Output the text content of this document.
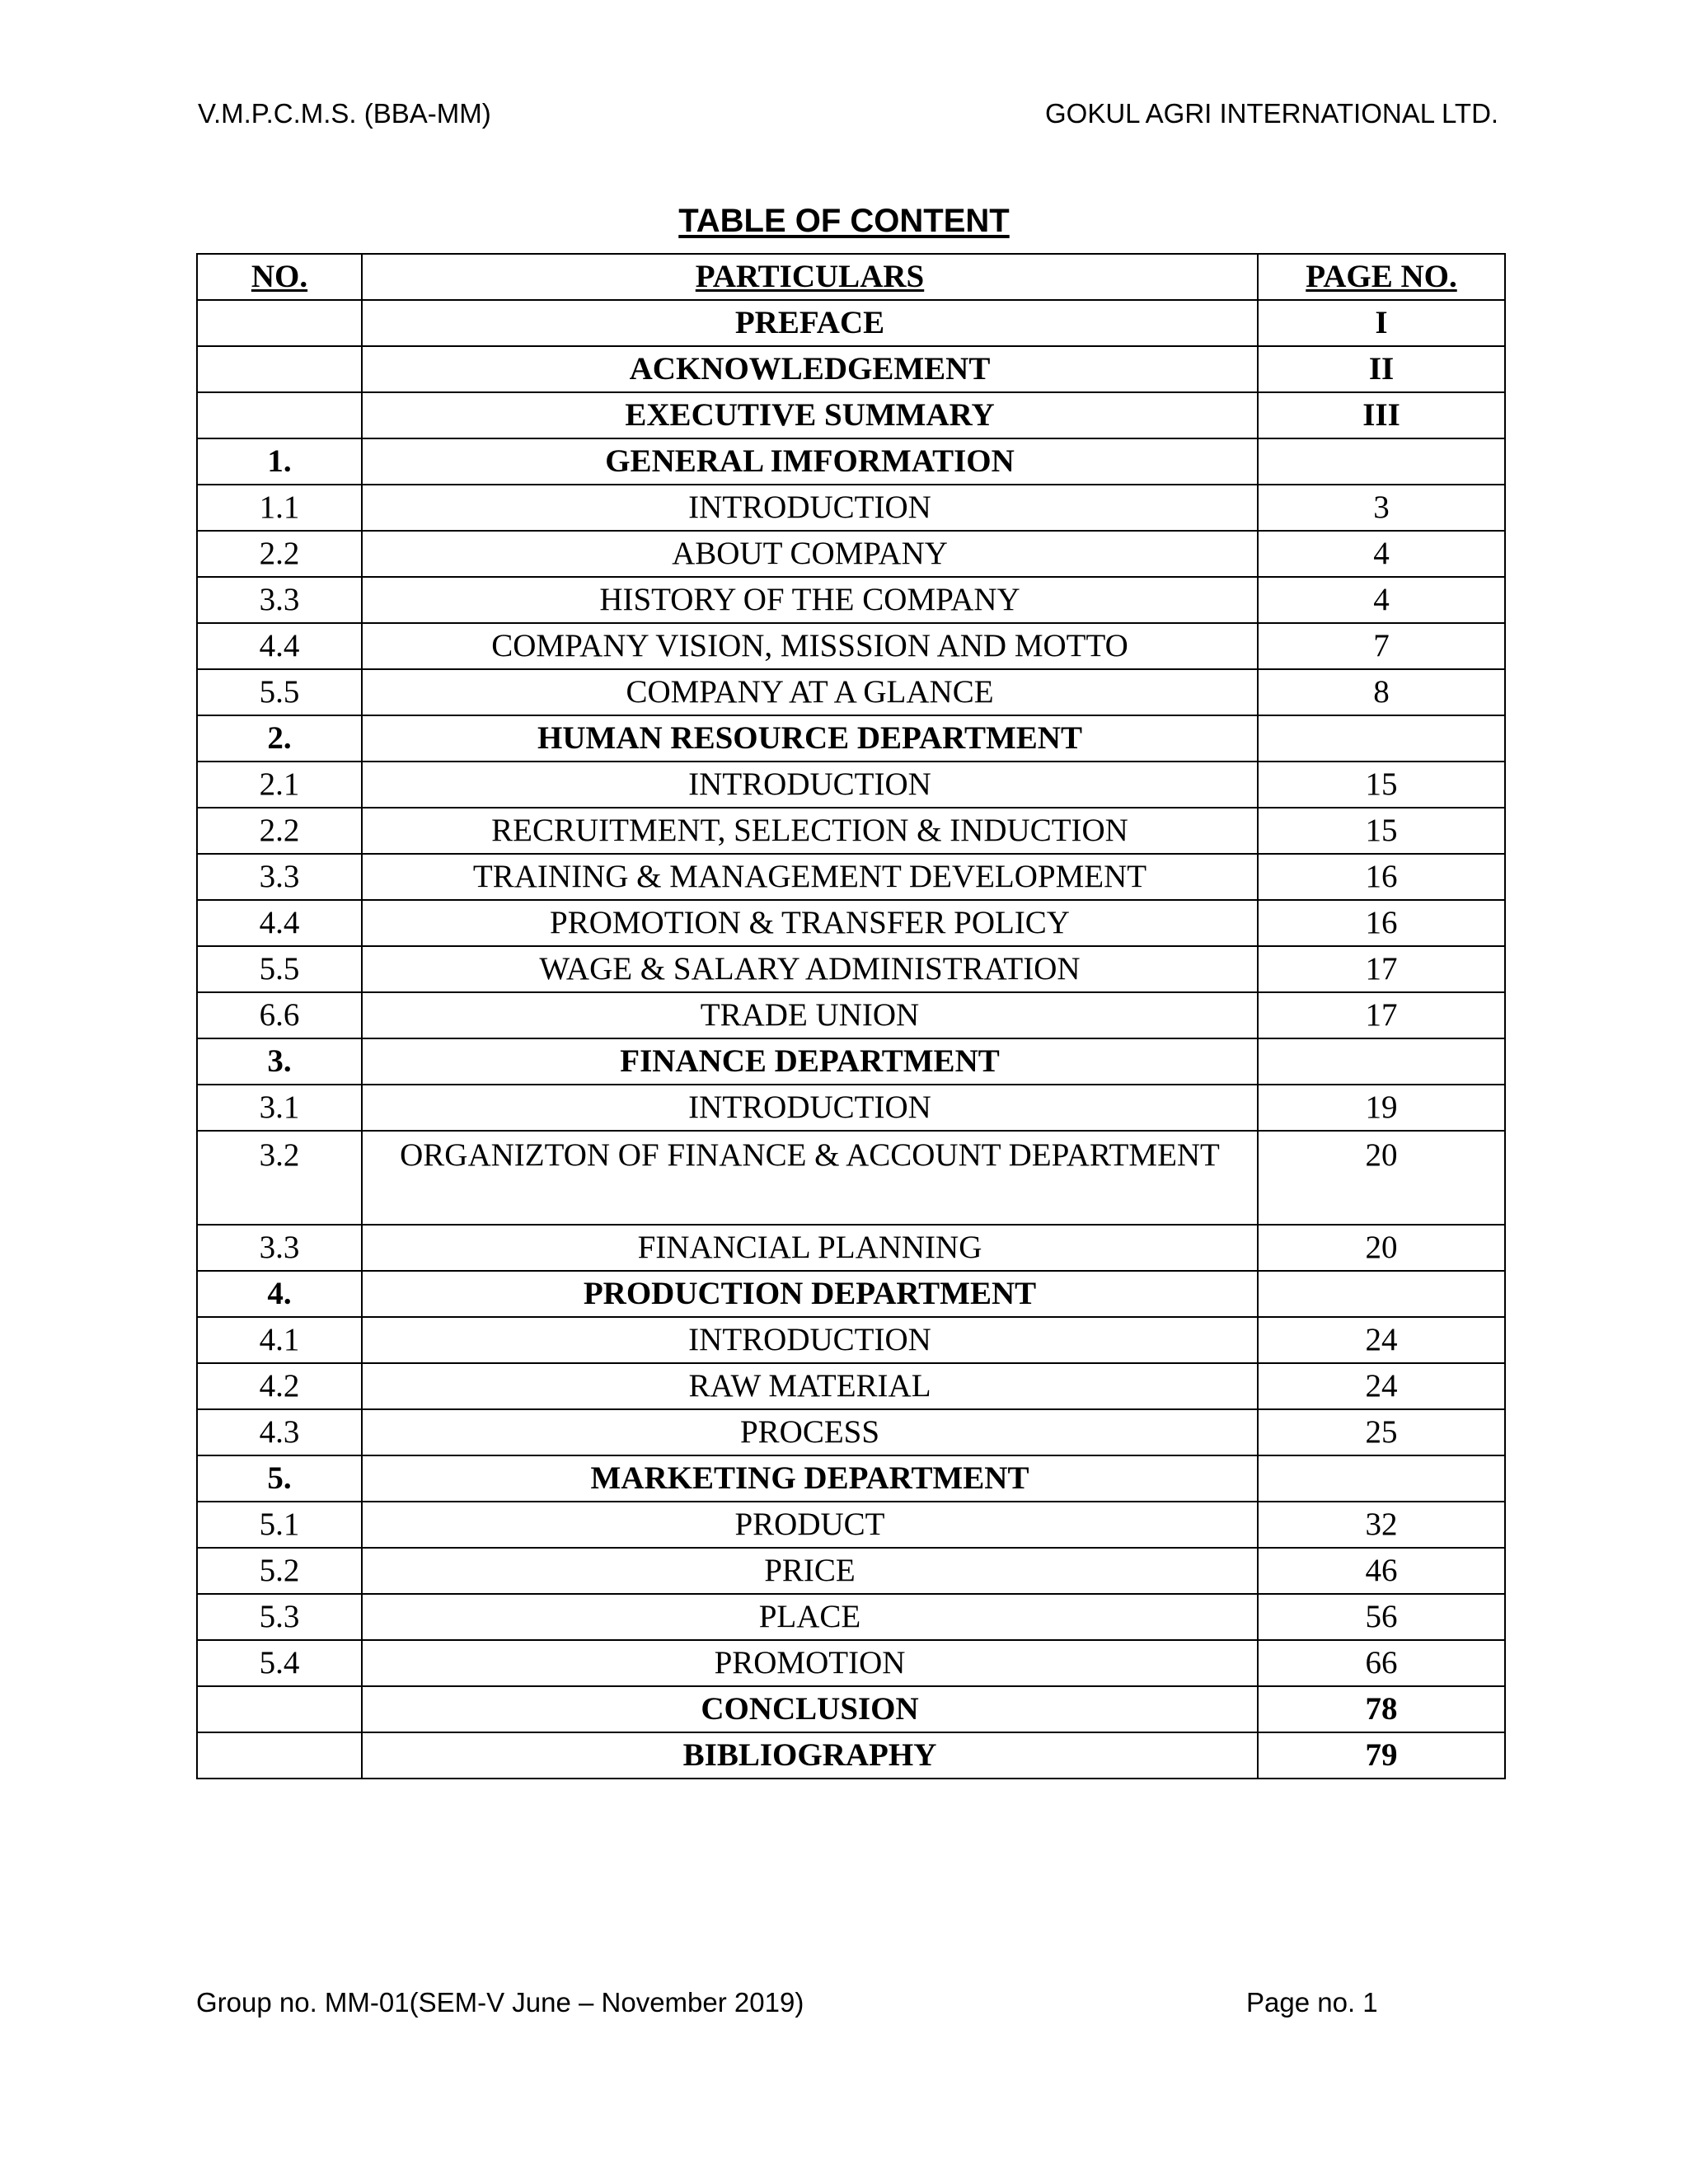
V.M.P.C.M.S. (BBA-MM)	GOKUL AGRI INTERNATIONAL LTD.
TABLE OF CONTENT
NO.	PARTICULARS	PAGE NO.
	PREFACE	I
	ACKNOWLEDGEMENT	II
	EXECUTIVE SUMMARY	III
1.	GENERAL IMFORMATION	
1.1	INTRODUCTION	3
2.2	ABOUT COMPANY	4
3.3	HISTORY OF THE COMPANY	4
4.4	COMPANY VISION, MISSSION AND MOTTO	7
5.5	COMPANY AT A GLANCE	8
2.	HUMAN RESOURCE DEPARTMENT	
2.1	INTRODUCTION	15
2.2	RECRUITMENT, SELECTION & INDUCTION	15
3.3	TRAINING & MANAGEMENT DEVELOPMENT	16
4.4	PROMOTION & TRANSFER POLICY	16
5.5	WAGE & SALARY ADMINISTRATION	17
6.6	TRADE UNION	17
3.	FINANCE DEPARTMENT	
3.1	INTRODUCTION	19
3.2	ORGANIZTON OF FINANCE & ACCOUNT DEPARTMENT	20
3.3	FINANCIAL PLANNING	20
4.	PRODUCTION DEPARTMENT	
4.1	INTRODUCTION	24
4.2	RAW MATERIAL	24
4.3	PROCESS	25
5.	MARKETING DEPARTMENT	
5.1	PRODUCT	32
5.2	PRICE	46
5.3	PLACE	56
5.4	PROMOTION	66
	CONCLUSION	78
	BIBLIOGRAPHY	79
Group no. MM-01(SEM-V June – November 2019)	Page no. 1
